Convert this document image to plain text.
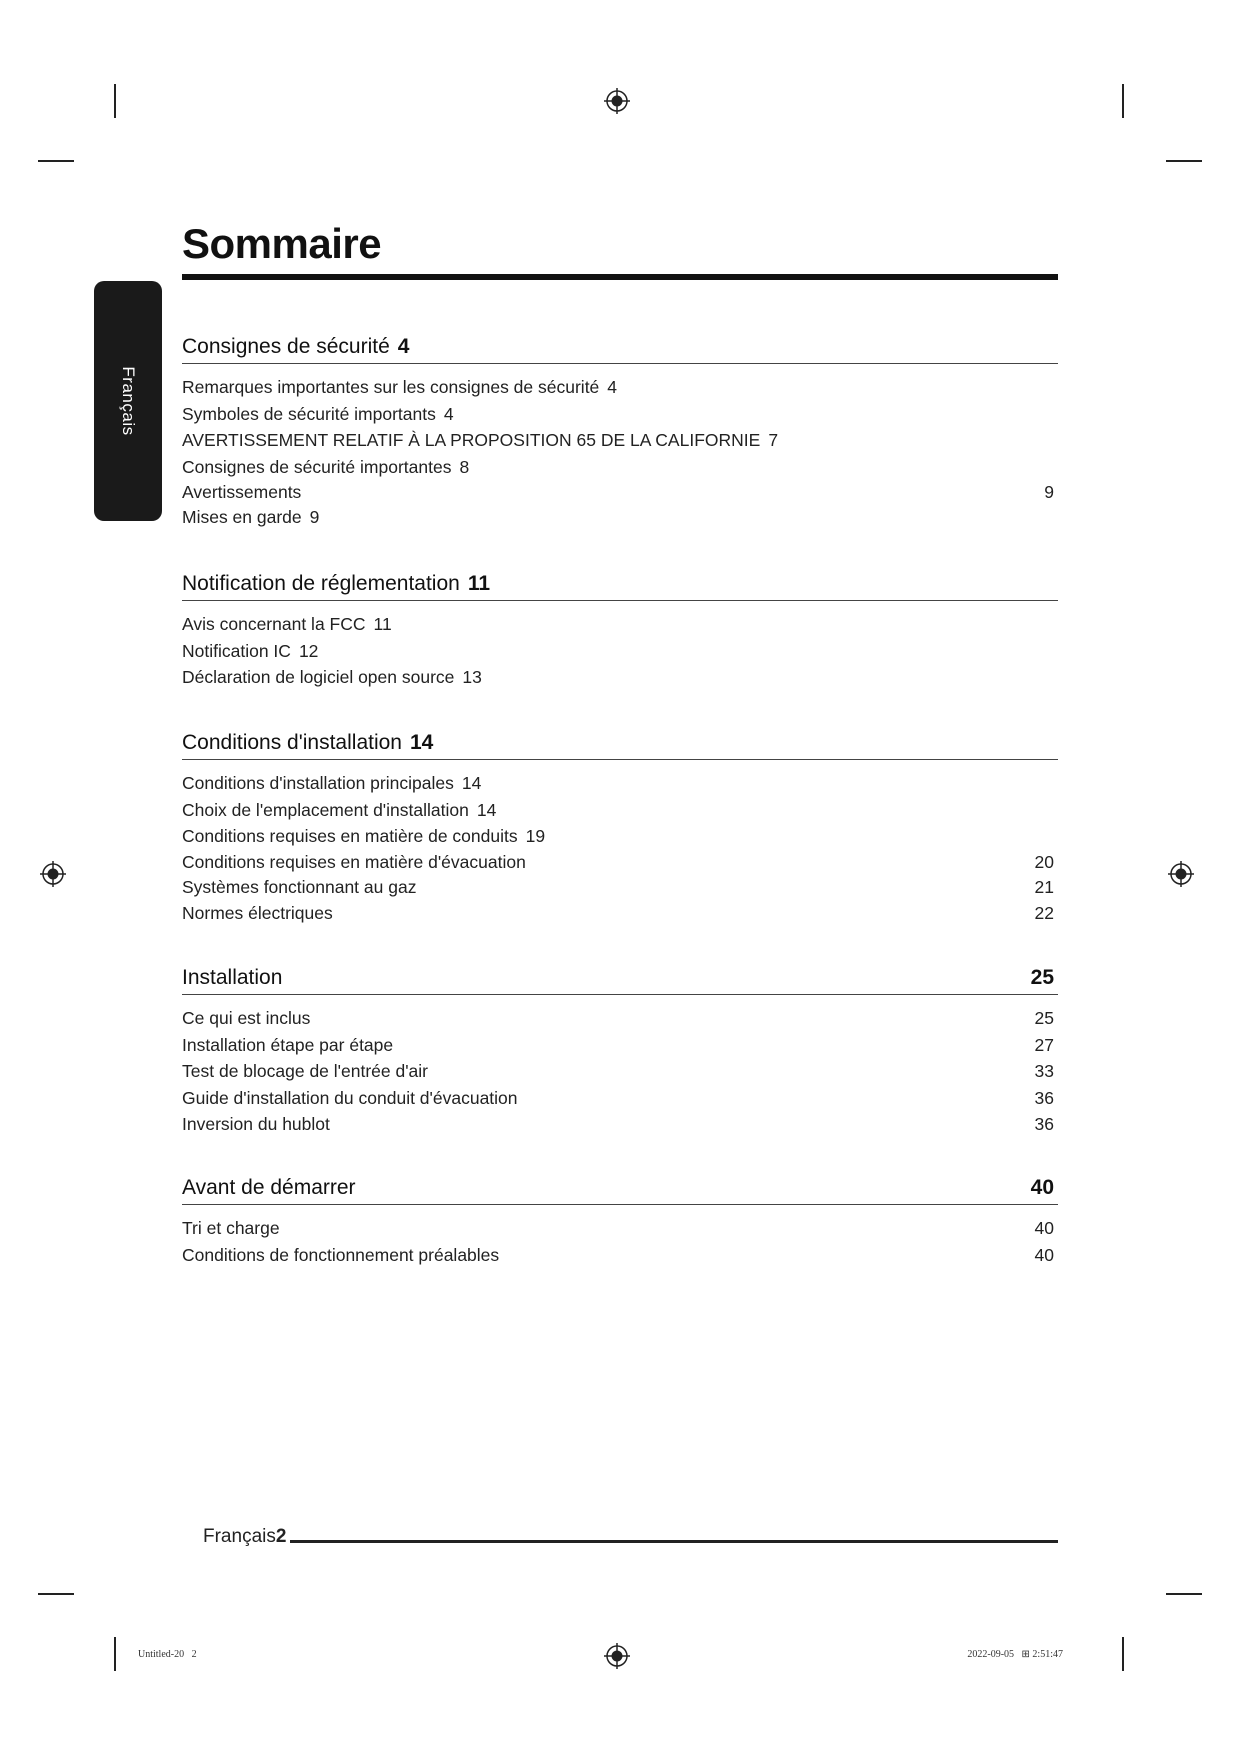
Français
Sommaire
Consignes de sécurité 4
Remarques importantes sur les consignes de sécurité 4
Symboles de sécurité importants 4
AVERTISSEMENT RELATIF À LA PROPOSITION 65 DE LA CALIFORNIE 7
Consignes de sécurité importantes 8
Avertissements	9
Mises en garde 9
Notification de réglementation 11
Avis concernant la FCC 11
Notification IC 12
Déclaration de logiciel open source 13
Conditions d'installation 14
Conditions d'installation principales 14
Choix de l'emplacement d'installation 14
Conditions requises en matière de conduits 19
Conditions requises en matière d'évacuation	20
Systèmes fonctionnant au gaz	21
Normes électriques	22
Installation	25
Ce qui est inclus	25
Installation étape par étape	27
Test de blocage de l'entrée d'air	33
Guide d'installation du conduit d'évacuation	36
Inversion du hublot	36
Avant de démarrer	40
Tri et charge	40
Conditions de fonctionnement préalables	40
Français2
Untitled-20   2	2022-09-05   ⊞ 2:51:47
